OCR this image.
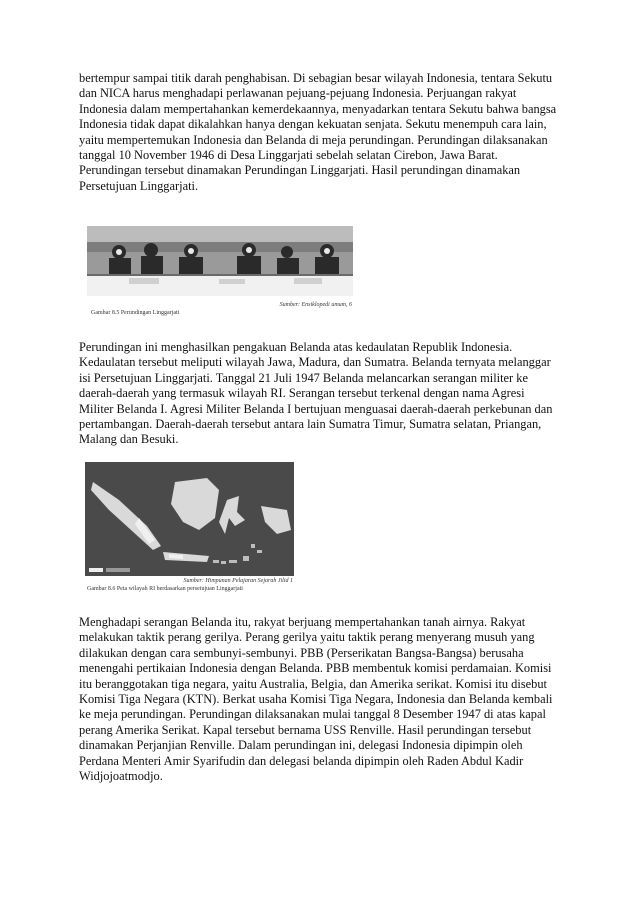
bertempur sampai titik darah penghabisan. Di sebagian besar wilayah Indonesia, tentara Sekutu dan NICA harus menghadapi perlawanan pejuang-pejuang Indonesia. Perjuangan rakyat Indonesia dalam mempertahankan kemerdekaannya, menyadarkan tentara Sekutu bahwa bangsa Indonesia tidak dapat dikalahkan hanya dengan kekuatan senjata. Sekutu menempuh cara lain, yaitu mempertemukan Indonesia dan Belanda di meja perundingan. Perundingan dilaksanakan tanggal 10 November 1946 di Desa Linggarjati sebelah selatan Cirebon, Jawa Barat. Perundingan tersebut dinamakan Perundingan Linggarjati. Hasil perundingan dinamakan Persetujuan Linggarjati.

Sumber: Ensiklopedi umum, 6
Gambar 8.5 Perundingan Linggarjati

Perundingan ini menghasilkan pengakuan Belanda atas kedaulatan Republik Indonesia. Kedaulatan tersebut meliputi wilayah Jawa, Madura, dan Sumatra. Belanda ternyata melanggar isi Persetujuan Linggarjati. Tanggal 21 Juli 1947 Belanda melancarkan serangan militer ke daerah-daerah yang termasuk wilayah RI. Serangan tersebut terkenal dengan nama Agresi Militer Belanda I. Agresi Militer Belanda I bertujuan menguasai daerah-daerah perkebunan dan pertambangan. Daerah-daerah tersebut antara lain Sumatra Timur, Sumatra selatan, Priangan, Malang dan Besuki.

Sumber: Himpunan Pelajaran Sejarah Jilid 1
Gambar 8.6 Peta wilayah RI berdasarkan persetujuan Linggarjati

Menghadapi serangan Belanda itu, rakyat berjuang mempertahankan tanah airnya. Rakyat melakukan taktik perang gerilya. Perang gerilya yaitu taktik perang menyerang musuh yang dilakukan dengan cara sembunyi-sembunyi. PBB (Perserikatan Bangsa-Bangsa) berusaha menengahi pertikaian Indonesia dengan Belanda. PBB membentuk komisi perdamaian. Komisi itu beranggotakan tiga negara, yaitu Australia, Belgia, dan Amerika serikat. Komisi itu disebut Komisi Tiga Negara (KTN). Berkat usaha Komisi Tiga Negara, Indonesia dan Belanda kembali ke meja perundingan. Perundingan dilaksanakan mulai tanggal 8 Desember 1947 di atas kapal perang Amerika Serikat. Kapal tersebut bernama USS Renville. Hasil perundingan tersebut dinamakan Perjanjian Renville. Dalam perundingan ini, delegasi Indonesia dipimpin oleh Perdana Menteri Amir Syarifudin dan delegasi belanda dipimpin oleh Raden Abdul Kadir Widjojoatmodjo.
